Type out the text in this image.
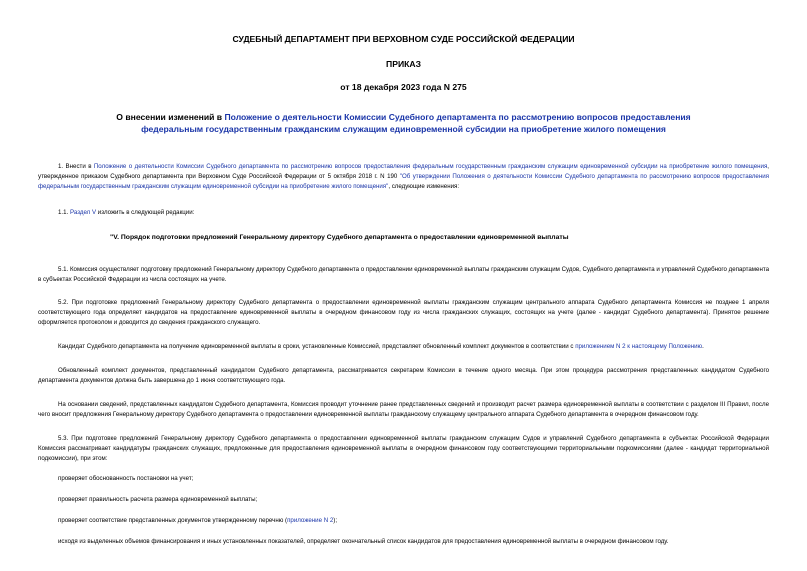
СУДЕБНЫЙ ДЕПАРТАМЕНТ ПРИ ВЕРХОВНОМ СУДЕ РОССИЙСКОЙ ФЕДЕРАЦИИ

ПРИКАЗ

от 18 декабря 2023 года N 275

О внесении изменений в Положение о деятельности Комиссии Судебного департамента по рассмотрению вопросов предоставления федеральным государственным гражданским служащим единовременной субсидии на приобретение жилого помещения

1. Внести в Положение о деятельности Комиссии Судебного департамента по рассмотрению вопросов предоставления федеральным государственным гражданским служащим единовременной субсидии на приобретение жилого помещения, утвержденное приказом Судебного департамента при Верховном Суде Российской Федерации от 5 октября 2018 г. N 190 "Об утверждении Положения о деятельности Комиссии Судебного департамента по рассмотрению вопросов предоставления федеральным государственным гражданским служащим единовременной субсидии на приобретение жилого помещения", следующие изменения:

1.1. Раздел V изложить в следующей редакции:

"V. Порядок подготовки предложений Генеральному директору Судебного департамента о предоставлении единовременной выплаты

5.1. Комиссия осуществляет подготовку предложений Генеральному директору Судебного департамента о предоставлении единовременной выплаты гражданским служащим Судов, Судебного департамента и управлений Судебного департамента в субъектах Российской Федерации из числа состоящих на учете.

5.2. При подготовке предложений Генеральному директору Судебного департамента о предоставлении единовременной выплаты гражданским служащим центрального аппарата Судебного департамента Комиссия не позднее 1 апреля соответствующего года определяет кандидатов на предоставление единовременной выплаты в очередном финансовом году из числа гражданских служащих, состоящих на учете (далее - кандидат Судебного департамента). Принятое решение оформляется протоколом и доводится до сведения гражданского служащего.

Кандидат Судебного департамента на получение единовременной выплаты в сроки, установленные Комиссией, представляет обновленный комплект документов в соответствии с приложением N 2 к настоящему Положению.

Обновленный комплект документов, представленный кандидатом Судебного департамента, рассматривается секретарем Комиссии в течение одного месяца. При этом процедура рассмотрения представленных кандидатом Судебного департамента документов должна быть завершена до 1 июня соответствующего года.

На основании сведений, представленных кандидатом Судебного департамента, Комиссия проводит уточнение ранее представленных сведений и производит расчет размера единовременной выплаты в соответствии с разделом III Правил, после чего вносит предложения Генеральному директору Судебного департамента о предоставлении единовременной выплаты гражданскому служащему центрального аппарата Судебного департамента в очередном финансовом году.

5.3. При подготовке предложений Генеральному директору Судебного департамента о предоставлении единовременной выплаты гражданским служащим Судов и управлений Судебного департамента в субъектах Российской Федерации Комиссия рассматривает кандидатуры гражданских служащих, предложенные для предоставления единовременной выплаты в очередном финансовом году соответствующими территориальными подкомиссиями (далее - кандидат территориальной подкомиссии), при этом:

проверяет обоснованность постановки на учет;

проверяет правильность расчета размера единовременной выплаты;

проверяет соответствие представленных документов утвержденному перечню (приложение N 2);

исходя из выделенных объемов финансирования и иных установленных показателей, определяет окончательный список кандидатов для предоставления единовременной выплаты в очередном финансовом году.
